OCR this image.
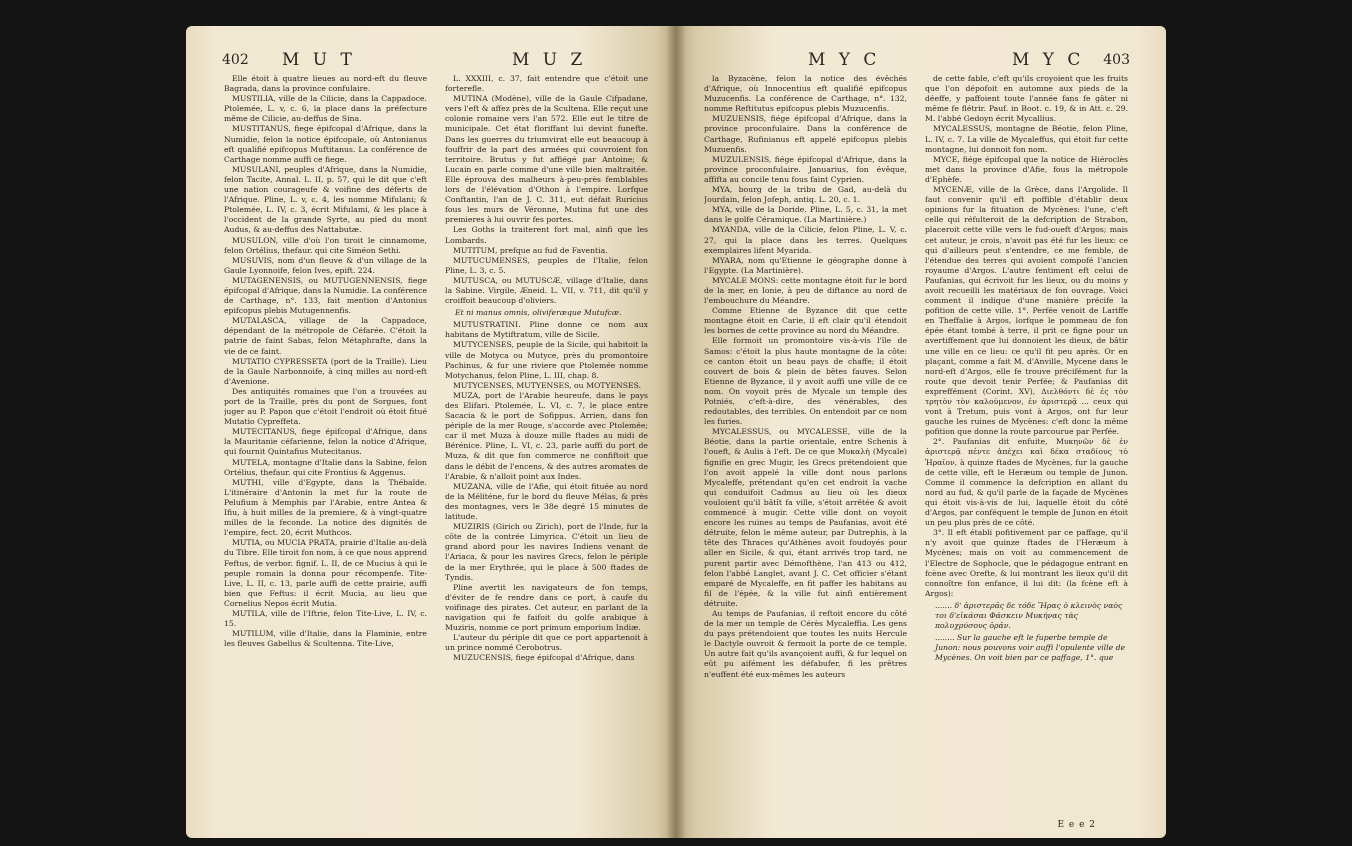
402 M U T	M U Z

Elle étoit à quatre lieues au nord-eft du fleuve Bagrada, dans la province confulaire.

MUSTILIA, ville de la Cilicie, dans la Cappadoce. Ptolemée, L. v, c. 6, la place dans la préfecture même de Cilicie, au-deffus de Sina.

MUSTITANUS, fiege épifcopal d'Afrique, dans la Numidie, felon la notice épifcopale, où Antonianus eft qualifié epifcopus Muftitanus. La conférence de Carthage nomme auffi ce fiege.

MUSULANI, peuples d'Afrique, dans la Numidie, felon Tacite, Annal. L. II, p. 57, qui le dit que c'eft une nation courageufe & voifine des déferts de l'Afrique. Pline, L. v, c. 4, les nomme Mifulani; & Ptolemée, L. IV, c. 3, écrit Mifulami, & les place à l'occident de la grande Syrte, au pied du mont Audus, & au-deffus des Nattabutæ.

MUSULON, ville d'où l'on tiroit le cinnamome, felon Ortélius, thefaur. qui cite Siméon Sethi.

MUSUVIS, nom d'un fleuve & d'un village de la Gaule Lyonnoife, felon Ives, epift. 224.

MUTAGENENSIS, ou MUTUGENNENSIS, fiege épifcopal d'Afrique, dans la Numidie. La conférence de Carthage, n°. 133, fait mention d'Antonius epifcopus plebis Mutugennenfis.

MUTALASCA, village de la Cappadoce, dépendant de la métropole de Céfarée. C'étoit la patrie de faint Sabas, felon Métaphrafte, dans la vie de ce faint.

MUTATIO CYPRESSETA (port de la Traille). Lieu de la Gaule Narbonnoife, à cinq milles au nord-eft d'Avenione.

Des antiquités romaines que l'on a trouvées au port de la Traille, près du pont de Sorgues, font juger au P. Papon que c'étoit l'endroit où étoit fitué Mutatio Cypreffeta.

MUTECITANUS, fiege épifcopal d'Afrique, dans la Mauritanie céfarienne, felon la notice d'Afrique, qui fournit Quintafius Mutecitanus.

MUTELA, montagne d'Italie dans la Sabine, felon Ortélius, thefaur. qui cite Frontius & Aggenus.

MUTHI, ville d'Egypte, dans la Thébaïde. L'itinéraire d'Antonin la met fur la route de Pelufium à Memphis par l'Arabie, entre Antea & Ifiu, à huit milles de la premiere, & à vingt-quatre milles de la feconde. La notice des dignités de l'empire, fect. 20, écrit Muthcos.

MUTIA, ou MUCIA PRATA, prairie d'Italie au-delà du Tibre. Elle tiroit fon nom, à ce que nous apprend Feftus, de verbor. fignif. L. II, de ce Mucius à qui le peuple romain la donna pour récompenfe. Tite-Live, L. II, c. 13, parle auffi de cette prairie, auffi bien que Feftus: il écrit Mucia, au lieu que Cornelius Nepos écrit Mutia.

MUTILA, ville de l'Iftrie, felon Tite-Live, L. IV, c. 15.

MUTILUM, ville d'Italie, dans la Flaminie, entre les fleuves Gabellus & Scultenna. Tite-Live,

L. XXXIII, c. 37, fait entendre que c'étoit une forterefle.

MUTINA (Modène), ville de la Gaule Cifpadane, vers l'eft & affez près de la Scultena. Elle reçut une colonie romaine vers l'an 572. Elle eut le titre de municipale. Cet état floriffant lui devint funefte. Dans les guerres du triumvirat elle eut beaucoup à fouffrir de la part des armées qui couvroient fon territoire. Brutus y fut affiégé par Antoine; & Lucain en parle comme d'une ville bien maltraitée. Elle éprouva des malheurs à-peu-près femblables lors de l'élévation d'Othon à l'empire. Lorfque Conftantin, l'an de J. C. 311, eut défait Ruricius fous les murs de Véronne, Mutina fut une des premieres à lui ouvrir fes portes.

Les Goths la traiterent fort mal, ainfi que les Lombards.

MUTITUM, prefque au fud de Faventia.

MUTUCUMENSES, peuples de l'Italie, felon Pline, L. 3, c. 5.

MUTUSCA, ou MUTUSCÆ, village d'Italie, dans la Sabine. Virgile, Æneid. L. VII, v. 711, dit qu'il y croiffoit beaucoup d'oliviers.

Et ni manus omnis, oliviferæque Mutufcæ.

MUTUSTRATINI. Pline donne ce nom aux habitans de Mytiftratum, ville de Sicile.

MUTYCENSES, peuple de la Sicile, qui habitoit la ville de Motyca ou Mutyce, près du promontoire Pachinus, & fur une riviere que Ptolemée nomme Motychanus, felon Pline, L. III, chap. 8.

MUTYCENSES, MUTYENSES, ou MOTYENSES.

MUZA, port de l'Arabie heureufe, dans le pays des Elifari. Ptolemée, L. VI, c. 7, le place entre Sacacia & le port de Sofippus. Arrien, dans fon périple de la mer Rouge, s'accorde avec Ptolemée; car il met Muza à douze mille ftades au midi de Bérénice. Pline, L. VI, c. 23, parle auffi du port de Muza, & dit que fon commerce ne confiftoit que dans le débit de l'encens, & des autres aromates de l'Arabie, & n'alloit point aux Indes.

MUZANA, ville de l'Afie, qui étoit fituée au nord de la Méliténe, fur le bord du fleuve Mélas, & près des montagnes, vers le 38e degré 15 minutes de latitude.

MUZIRIS (Girich ou Zirich), port de l'Inde, fur la côte de la contrée Limyrica. C'étoit un lieu de grand abord pour les navires Indiens venant de l'Ariaca, & pour les navires Grecs, felon le périple de la mer Erythrée, qui le place à 500 ftades de Tyndis.

Pline avertit les navigateurs de fon temps, d'éviter de fe rendre dans ce port, à caufe du voifinage des pirates. Cet auteur, en parlant de la navigation qui fe faifoit du golfe arabique à Muziris, nomme ce port primum emporium Indiæ.

L'auteur du périple dit que ce port appartenoit à un prince nommé Cerobotrus.

MUZUCENSIS, fiege épifcopal d'Afrique, dans

M Y C	M Y C 403

la Byzacène, felon la notice des évêchés d'Afrique, où Innocentius eft qualifié epifcopus Muzucenfis. La conférence de Carthage, n°. 132, nomme Reftitutus epifcopus plebis Muzucenfis.

MUZUENSIS, fiége épifcopal d'Afrique, dans la province proconfulaire. Dans la conférence de Carthage, Rufinianus eft appelé epifcopus plebis Muzuenfis.

MUZULENSIS, fiége épifcopal d'Afrique, dans la province proconfulaire. Januarius, fon évêque, affifta au concile tenu fous faint Cyprien.

MYA, bourg de la tribu de Gad, au-delà du Jourdain, felon Jofeph, antiq. L. 20, c. 1.

MYA, ville de la Doride. Pline, L. 5, c. 31, la met dans le golfe Céramique. (La Martinière.)

MYANDA, ville de la Cilicie, felon Pline, L. V, c. 27, qui la place dans les terres. Quelques exemplaires lifent Myarida.

MYARA, nom qu'Etienne le géographe donne à l'Egypte. (La Martinière).

MYCALE MONS: cette montagne étoit fur le bord de la mer, en Ionie, à peu de diftance au nord de l'embouchure du Méandre.

Comme Etienne de Byzance dit que cette montagne étoit en Carie, il eft clair qu'il étendoit les bornes de cette province au nord du Méandre.

Elle formoit un promontoire vis-à-vis l'île de Samos: c'étoit la plus haute montagne de la côte: ce canton étoit un beau pays de chaffe; il étoit couvert de bois & plein de bêtes fauves. Selon Etienne de Byzance, il y avoit auffi une ville de ce nom. On voyoit près de Mycale un temple des Potniés, c'eft-à-dire, des vénérables, des redoutables, des terribles. On entendoit par ce nom les furies.

MYCALESSUS, ou MYCALESSE, ville de la Béotie, dans la partie orientale, entre Schenis à l'oueft, & Aulis à l'eft. De ce que Μυκαλὴ (Mycale) fignifie en grec Mugir, les Grecs prétendoient que l'on avoit appelé la ville dont nous parlons Mycaleffe, prétendant qu'en cet endroit la vache qui conduifoit Cadmus au lieu où les dieux vouloient qu'il bâtît fa ville, s'étoit arrêtée & avoit commencé à mugir. Cette ville dont on voyoit encore les ruines au temps de Paufanias, avoit été détruite, felon le même auteur, par Dutrephis, à la tête des Thraces qu'Athènes avoit foudoyés pour aller en Sicile, & qui, étant arrivés trop tard, ne purent partir avec Démofthène, l'an 413 ou 412, felon l'abbé Langlet, avant J. C. Cet officier s'étant emparé de Mycaleffe, en fit paffer les habitans au fil de l'épée, & la ville fut ainfi entièrement détruite.

Au temps de Paufanias, il reftoit encore du côté de la mer un temple de Cérès Mycaleffia. Les gens du pays prétendoient que toutes les nuits Hercule le Dactyle ouvroit & fermoit la porte de ce temple. Un autre fait qu'ils avançoient auffi, & fur lequel on eût pu aifément les défabufer, fi les prêtres n'euffent été eux-mêmes les auteurs

de cette fable, c'eft qu'ils croyoient que les fruits que l'on dépofoit en automne aux pieds de la déeffe, y paffoient toute l'année fans fe gâter ni même fe flétrir. Pauf. in Boot. c. 19, & in Att. c. 29. M. l'abbé Gedoyn écrit Mycallius.

MYCALESSUS, montagne de Béotie, felon Pline, L. IV, c. 7. La ville de Mycaleffus, qui étoit fur cette montagne, lui donnoit fon nom.

MYCE, fiége épifcopal que la notice de Hiéroclès met dans la province d'Afie, fous la métropole d'Ephèfe.

MYCENÆ, ville de la Grèce, dans l'Argolide. Il faut convenir qu'il eft poffible d'établir deux opinions fur la fituation de Mycènes: l'une, c'eft celle qui réfulteroit de la defcription de Strabon, placeroit cette ville vers le fud-oueft d'Argos; mais cet auteur, je crois, n'avoit pas été fur les lieux: ce qui d'ailleurs peut s'entendre, ce me femble, de l'étendue des terres qui avoient compofé l'ancien royaume d'Argos. L'autre fentiment eft celui de Paufanias, qui écrivoit fur les lieux, ou du moins y avoit recueilli les matériaux de fon ouvrage. Voici comment il indique d'une manière précife la pofition de cette ville. 1°. Perfée venoit de Lariffe en Theffalie à Argos, lorfque le pommeau de fon épée étant tombé à terre, il prit ce figne pour un avertiffement que lui donnoient les dieux, de bâtir une ville en ce lieu: ce qu'il fit peu après. Or en plaçant, comme a fait M. d'Anville, Mycene dans le nord-eft d'Argos, elle fe trouve précifément fur la route que devoit tenir Perfée; & Paufanias dit expreffément (Corint. XV), Διελθόντι δὲ ἐς τὸν τρητὸν τὸν καλούμενον, ἐν ἀριστερᾷ ... ceux qui vont à Tretum, puis vont à Argos, ont fur leur gauche les ruines de Mycènes: c'eft donc la même pofition que donne la route parcourue par Perfée.

2°. Paufanias dit enfuite, Μυκηνῶν δὲ ἐν ἀριστερᾷ πέντε ἀπέχει καὶ δέκα σταδίους τὸ Ἡραῖον, à quinze ftades de Mycènes, fur la gauche de cette ville, eft le Heræum ou temple de Junon. Comme il commence la defcription en allant du nord au fud, & qu'il parle de la façade de Mycènes qui étoit vis-à-vis de lui, laquelle étoit du côté d'Argos, par conféquent le temple de Junon en étoit un peu plus près de ce côté.

3°. Il eft établi pofitivement par ce paffage, qu'il n'y avoit que quinze ftades de l'Heræum à Mycènes; mais on voit au commencement de l'Electre de Sophocle, que le pédagogue entrant en fcène avec Orefte, & lui montrant les lieux qu'il dit connoître fon enfance, il lui dit: (la fcène eft à Argos):

....... δ' ἀριστερᾶς δε τόδε Ἥρας ὁ κλεινὸς ναὸς τοι δ'εἰκάσαι Φάσκειν Μυκήνας τὰς πολυχρύσους ὁρᾶν.

........ Sur la gauche eft le fuperbe temple de Junon: nous pouvons voir auffi l'opulente ville de Mycènes. On voit bien par ce paffage, 1°. que

E e e 2
